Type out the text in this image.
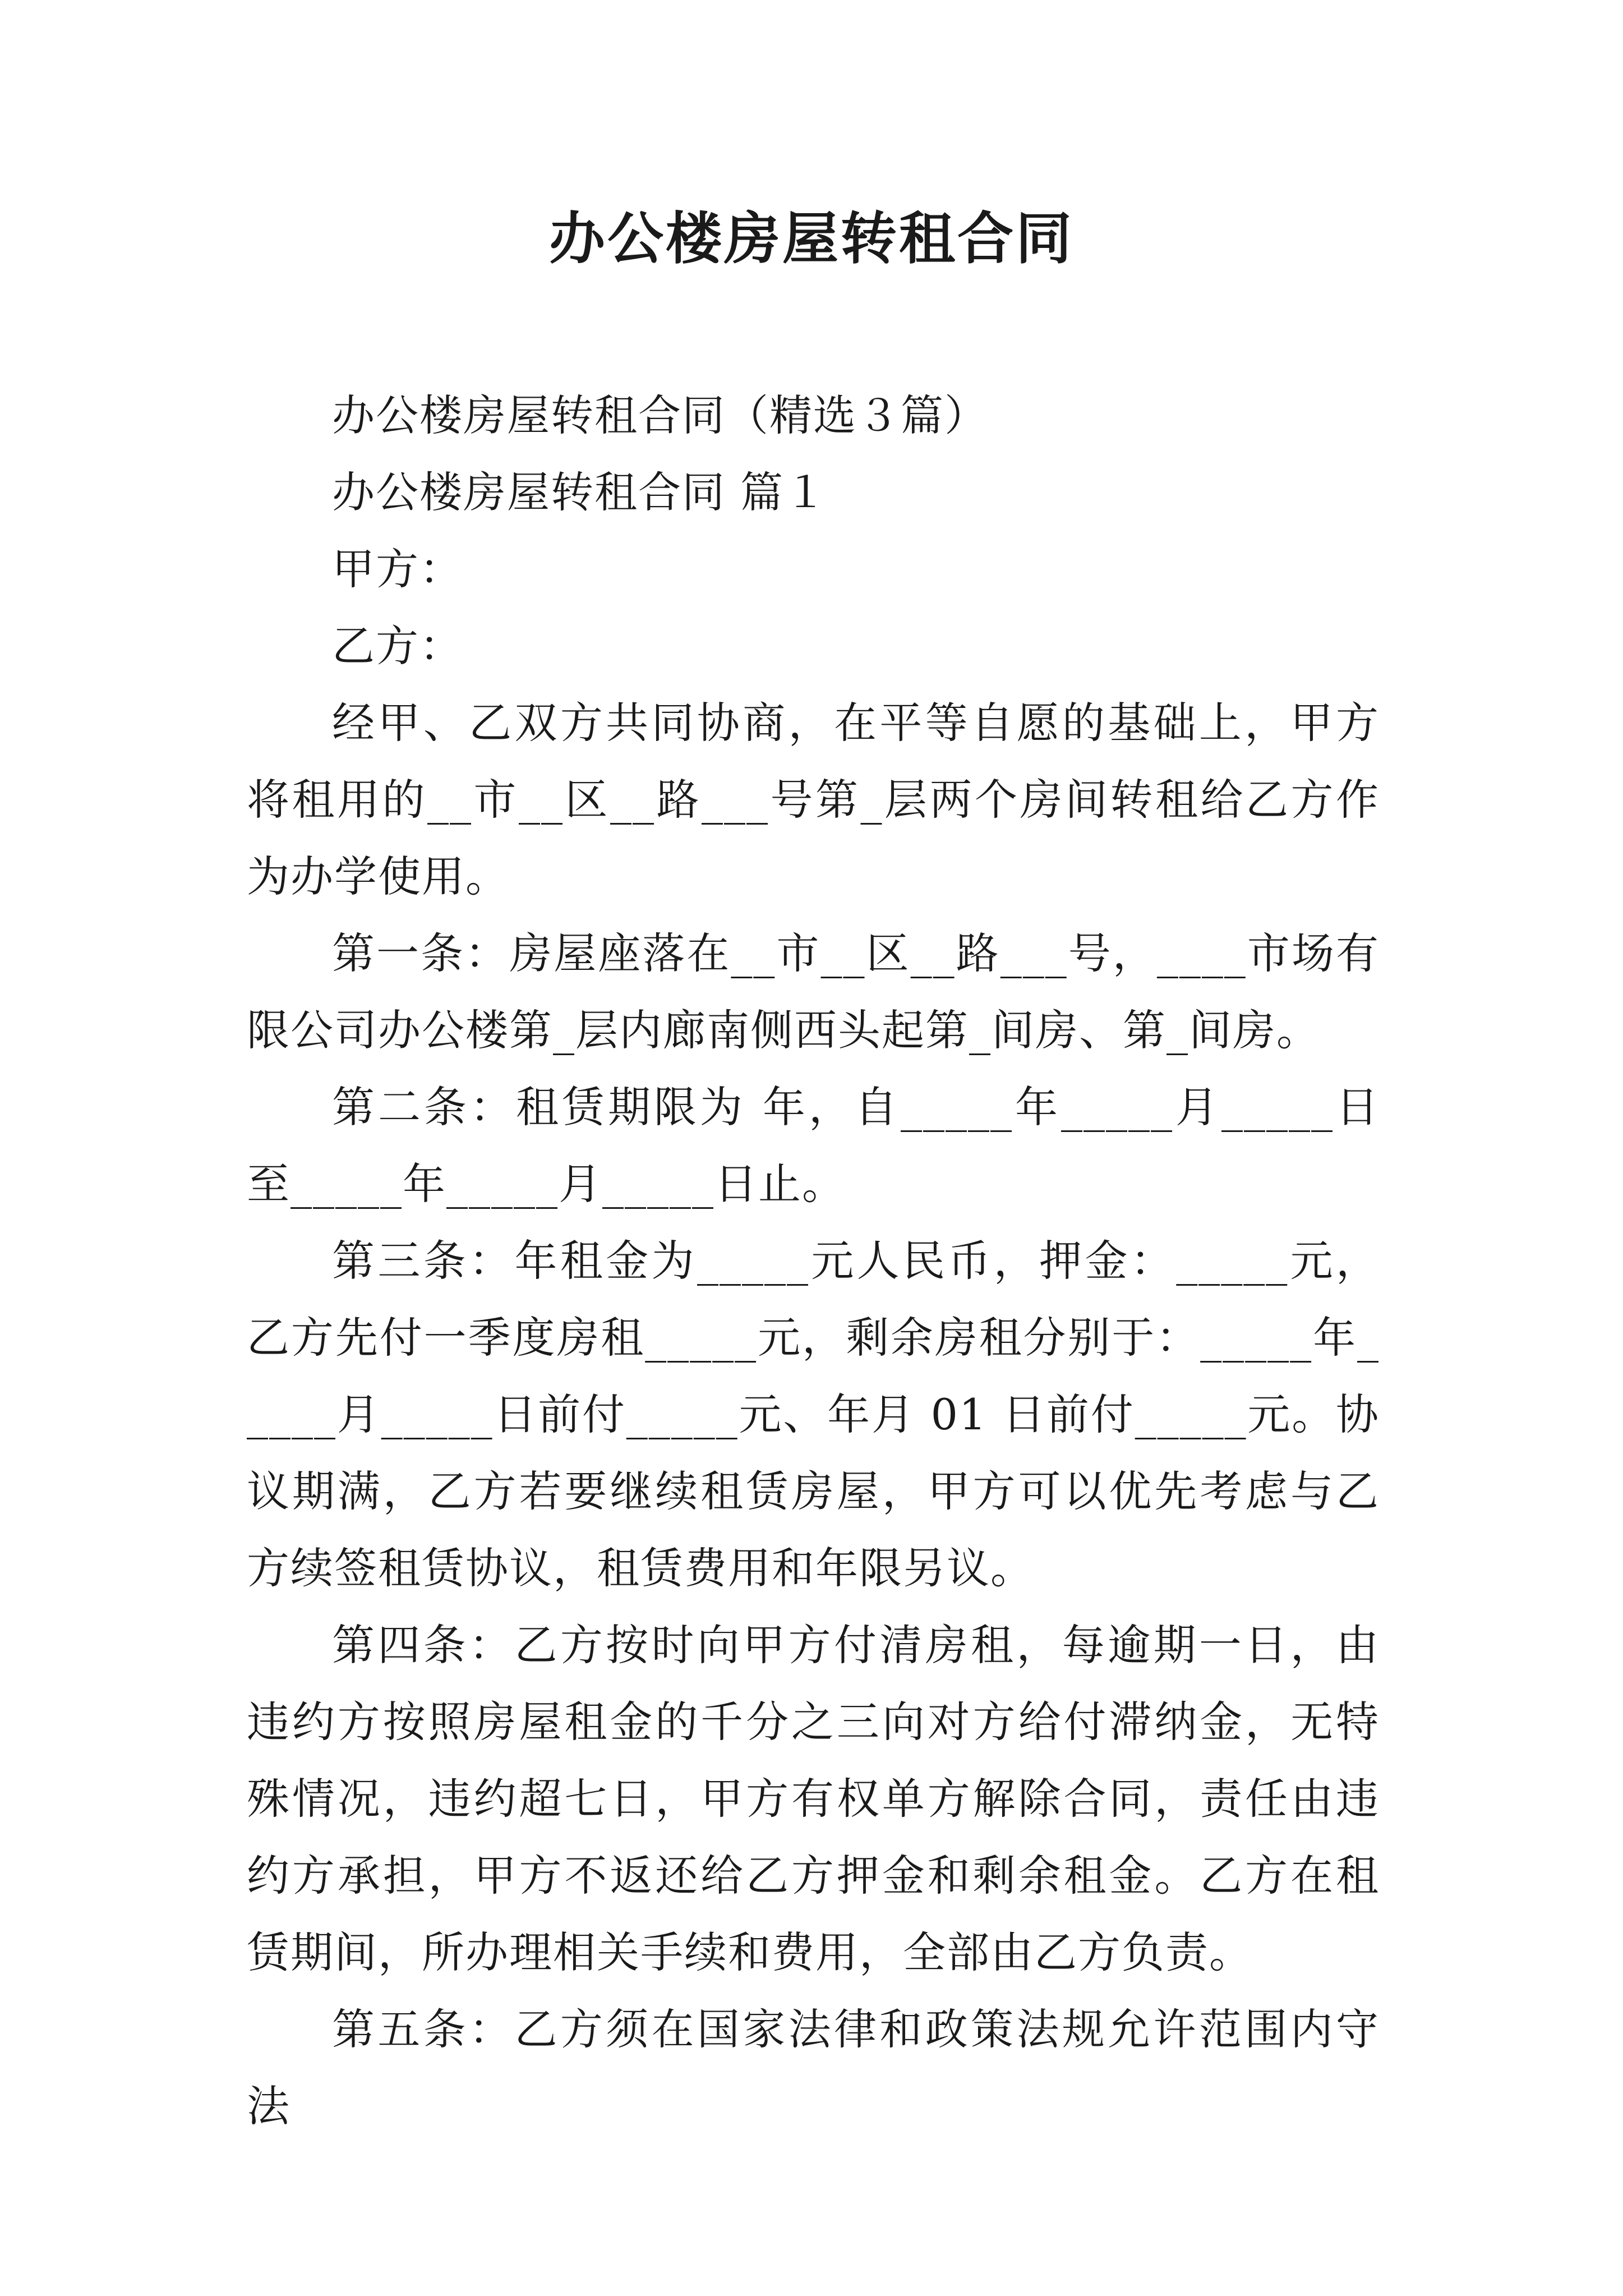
办公楼房屋转租合同

办公楼房屋转租合同（精选３篇）

办公楼房屋转租合同 篇１

甲方：

乙方：

经甲、乙双方共同协商，在平等自愿的基础上，甲方将租用的__市__区__路___号第_层两个房间转租给乙方作为办学使用。

第一条：房屋座落在__市__区__路___号，____市场有限公司办公楼第_层内廊南侧西头起第_间房、第_间房。

第二条：租赁期限为 年，自_____年_____月_____日至_____年_____月_____日止。

第三条：年租金为_____元人民币，押金：_____元，乙方先付一季度房租_____元，剩余房租分别于：_____年_____月_____日前付_____元、年月 01 日前付_____元。协议期满，乙方若要继续租赁房屋，甲方可以优先考虑与乙方续签租赁协议，租赁费用和年限另议。

第四条：乙方按时向甲方付清房租，每逾期一日，由违约方按照房屋租金的千分之三向对方给付滞纳金，无特殊情况，违约超七日，甲方有权单方解除合同，责任由违约方承担，甲方不返还给乙方押金和剩余租金。乙方在租赁期间，所办理相关手续和费用，全部由乙方负责。

第五条：乙方须在国家法律和政策法规允许范围内守法
